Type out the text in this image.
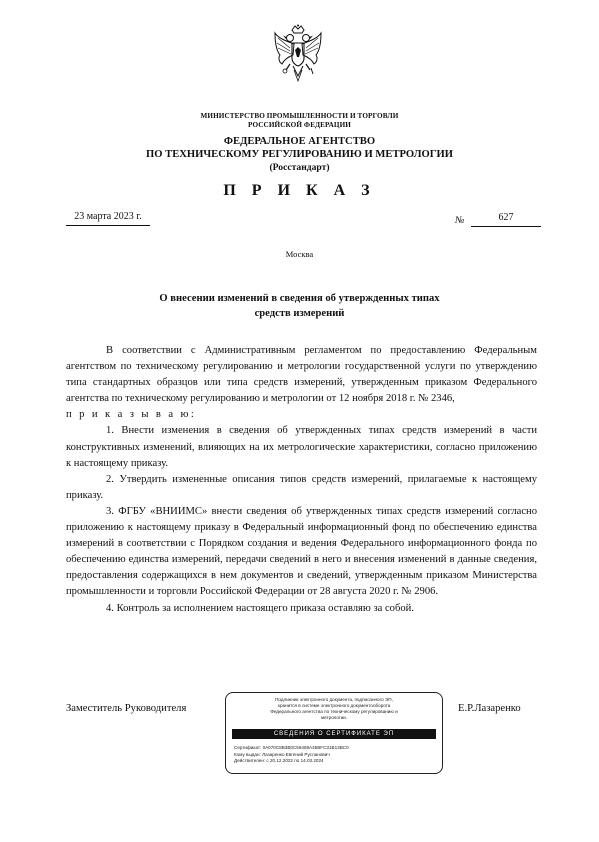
МИНИСТЕРСТВО ПРОМЫШЛЕННОСТИ И ТОРГОВЛИ
РОССИЙСКОЙ ФЕДЕРАЦИИ
ФЕДЕРАЛЬНОЕ АГЕНТСТВО
ПО ТЕХНИЧЕСКОМУ РЕГУЛИРОВАНИЮ И МЕТРОЛОГИИ
(Росстандарт)
П Р И К А З
23 марта 2023 г.	№	627
Москва
О внесении изменений в сведения об утвержденных типах
средств измерений

В соответствии с Административным регламентом по предоставлению Федеральным агентством по техническому регулированию и метрологии государственной услуги по утверждению типа стандартных образцов или типа средств измерений, утвержденным приказом Федерального агентства по техническому регулированию и метрологии от 12 ноября 2018 г. № 2346,
п р и к а з ы в а ю:

1. Внести изменения в сведения об утвержденных типах средств измерений в части конструктивных изменений, влияющих на их метрологические характеристики, согласно приложению к настоящему приказу.

2. Утвердить измененные описания типов средств измерений, прилагаемые к настоящему приказу.

3. ФГБУ «ВНИИМС» внести сведения об утвержденных типах средств измерений согласно приложению к настоящему приказу в Федеральный информационный фонд по обеспечению единства измерений в соответствии с Порядком создания и ведения Федерального информационного фонда по обеспечению единства измерений, передачи сведений в него и внесения изменений в данные сведения, предоставления содержащихся в нем документов и сведений, утвержденным приказом Министерства промышленности и торговли Российской Федерации от 28 августа 2020 г. № 2906.

4. Контроль за исполнением настоящего приказа оставляю за собой.

Заместитель Руководителя	Е.Р.Лазаренко
Подлинник электронного документа, подписанного ЭП,
хранится в системе электронного документооборота
Федерального агентства по техническому регулированию и
метрологии.
СВЕДЕНИЯ О СЕРТИФИКАТЕ ЭП
Сертификат: 0A070C8B3B0C59469A45BFC31B13BC0
Кому выдан: Лазаренко Евгений Русланович
Действителен: с 20.12.2022 по 14.03.2024
